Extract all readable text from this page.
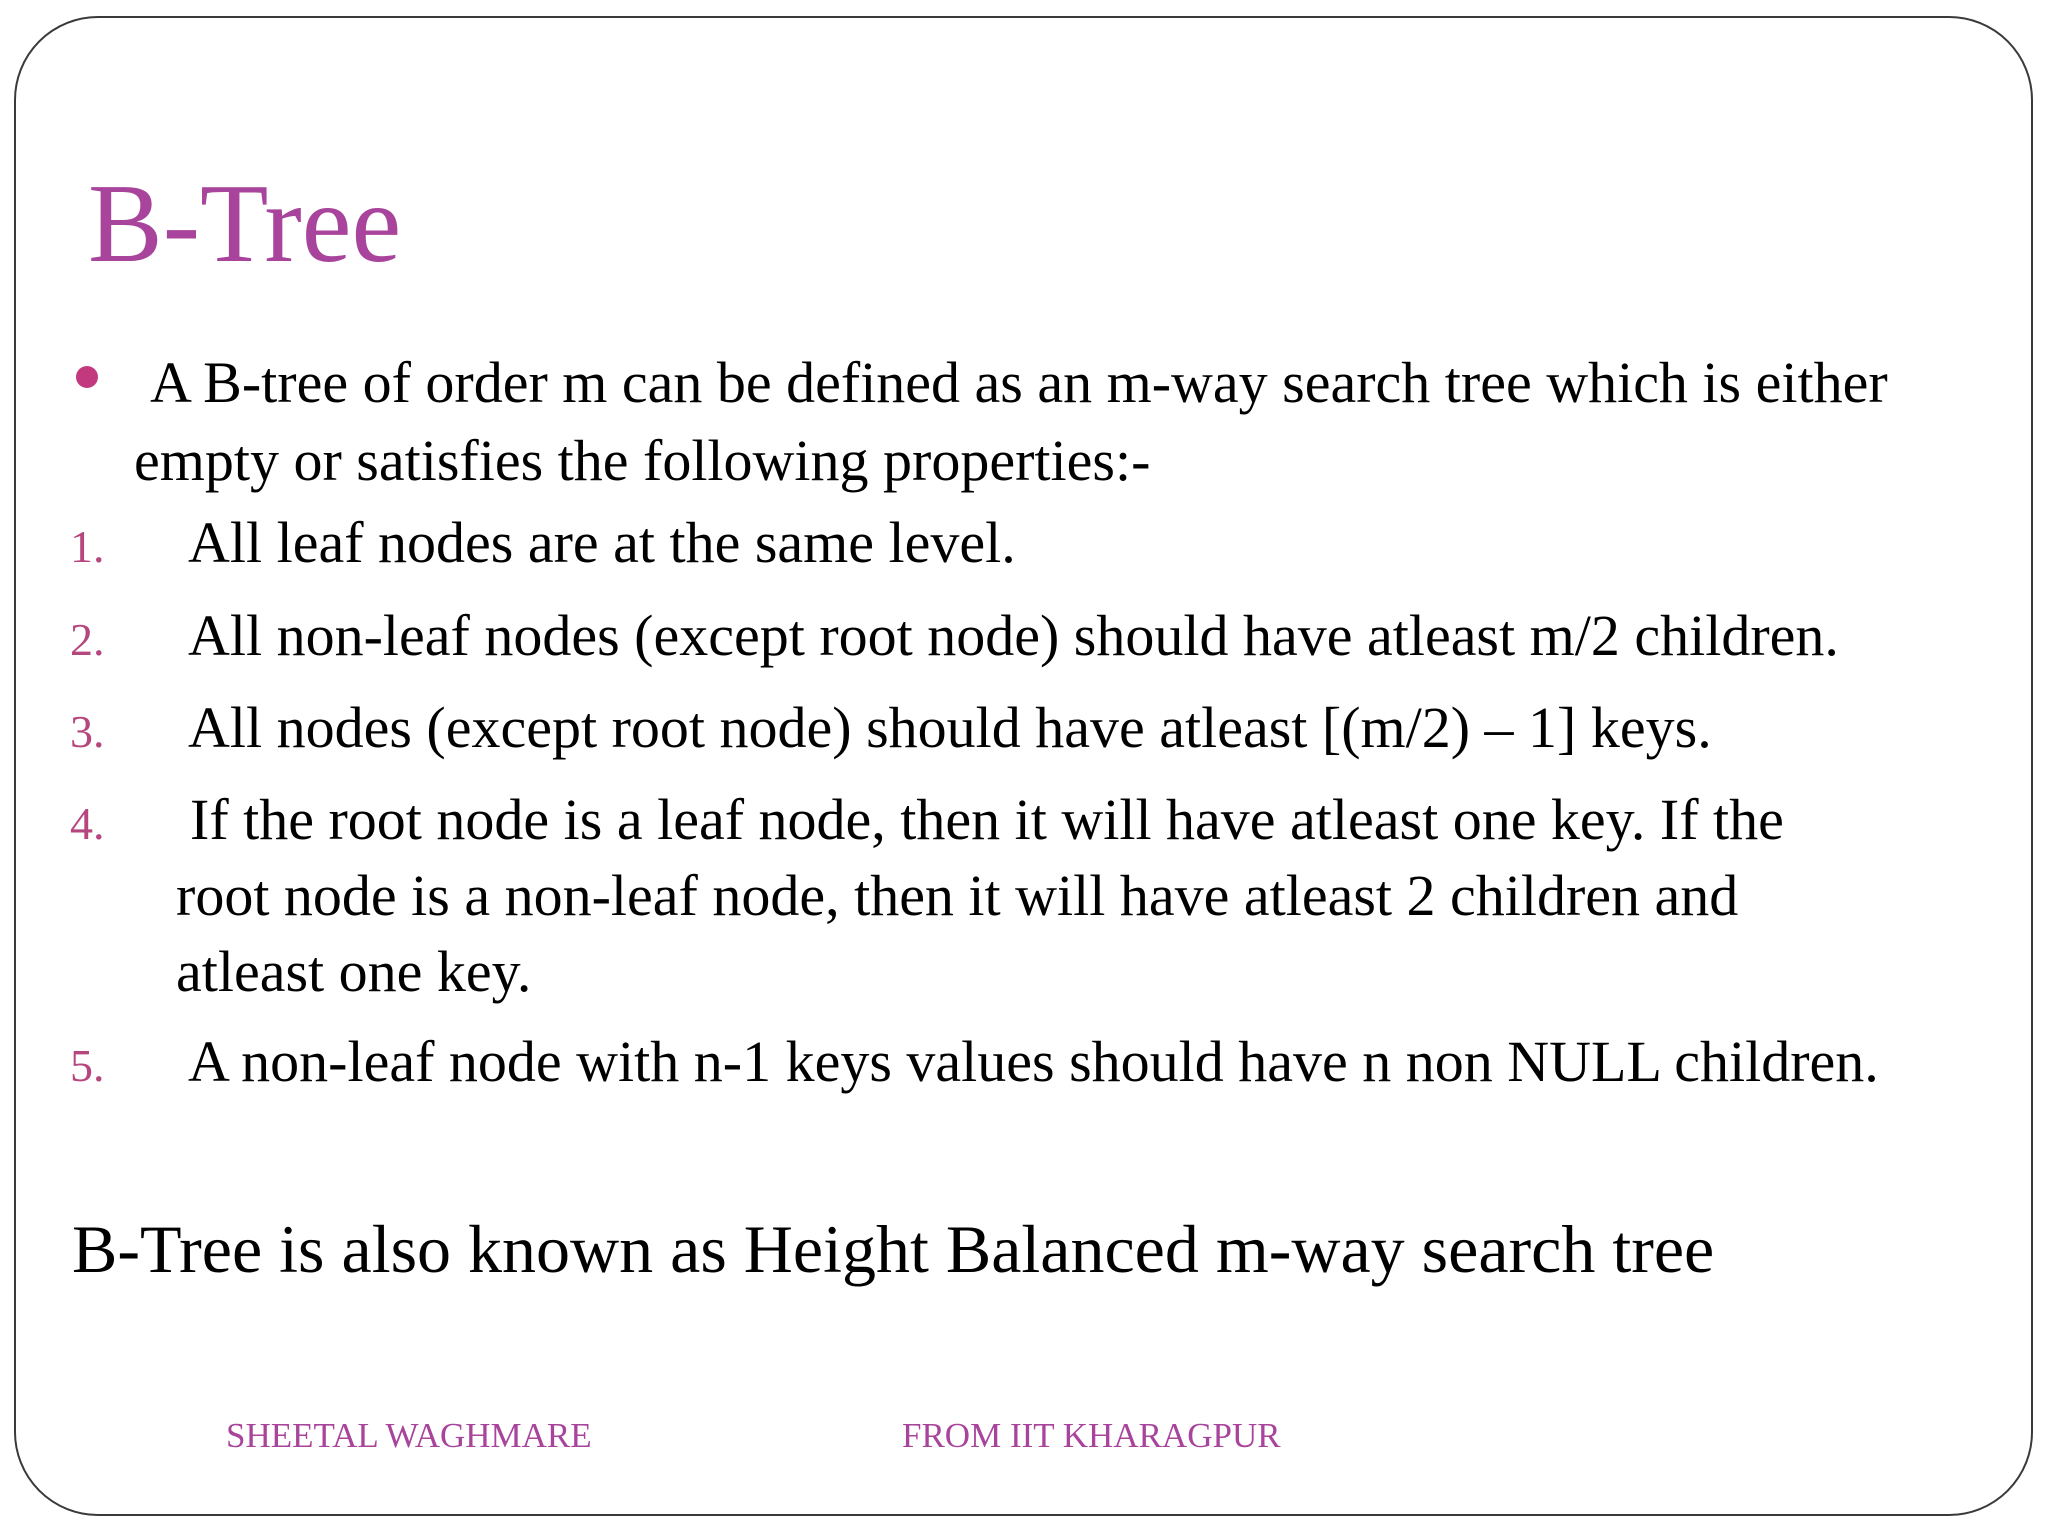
B-Tree
A B-tree of order m can be defined as an m-way search tree which is either
empty or satisfies the following properties:-
1. All leaf nodes are at the same level.
2. All non-leaf nodes (except root node) should have atleast m/2 children.
3. All nodes (except root node) should have atleast [(m/2) – 1] keys.
4. If the root node is a leaf node, then it will have atleast one key. If the
root node is a non-leaf node, then it will have atleast 2 children and
atleast one key.
5. A non-leaf node with n-1 keys values should have n non NULL children.
B-Tree is also known as Height Balanced m-way search tree
SHEETAL WAGHMARE	FROM IIT KHARAGPUR
